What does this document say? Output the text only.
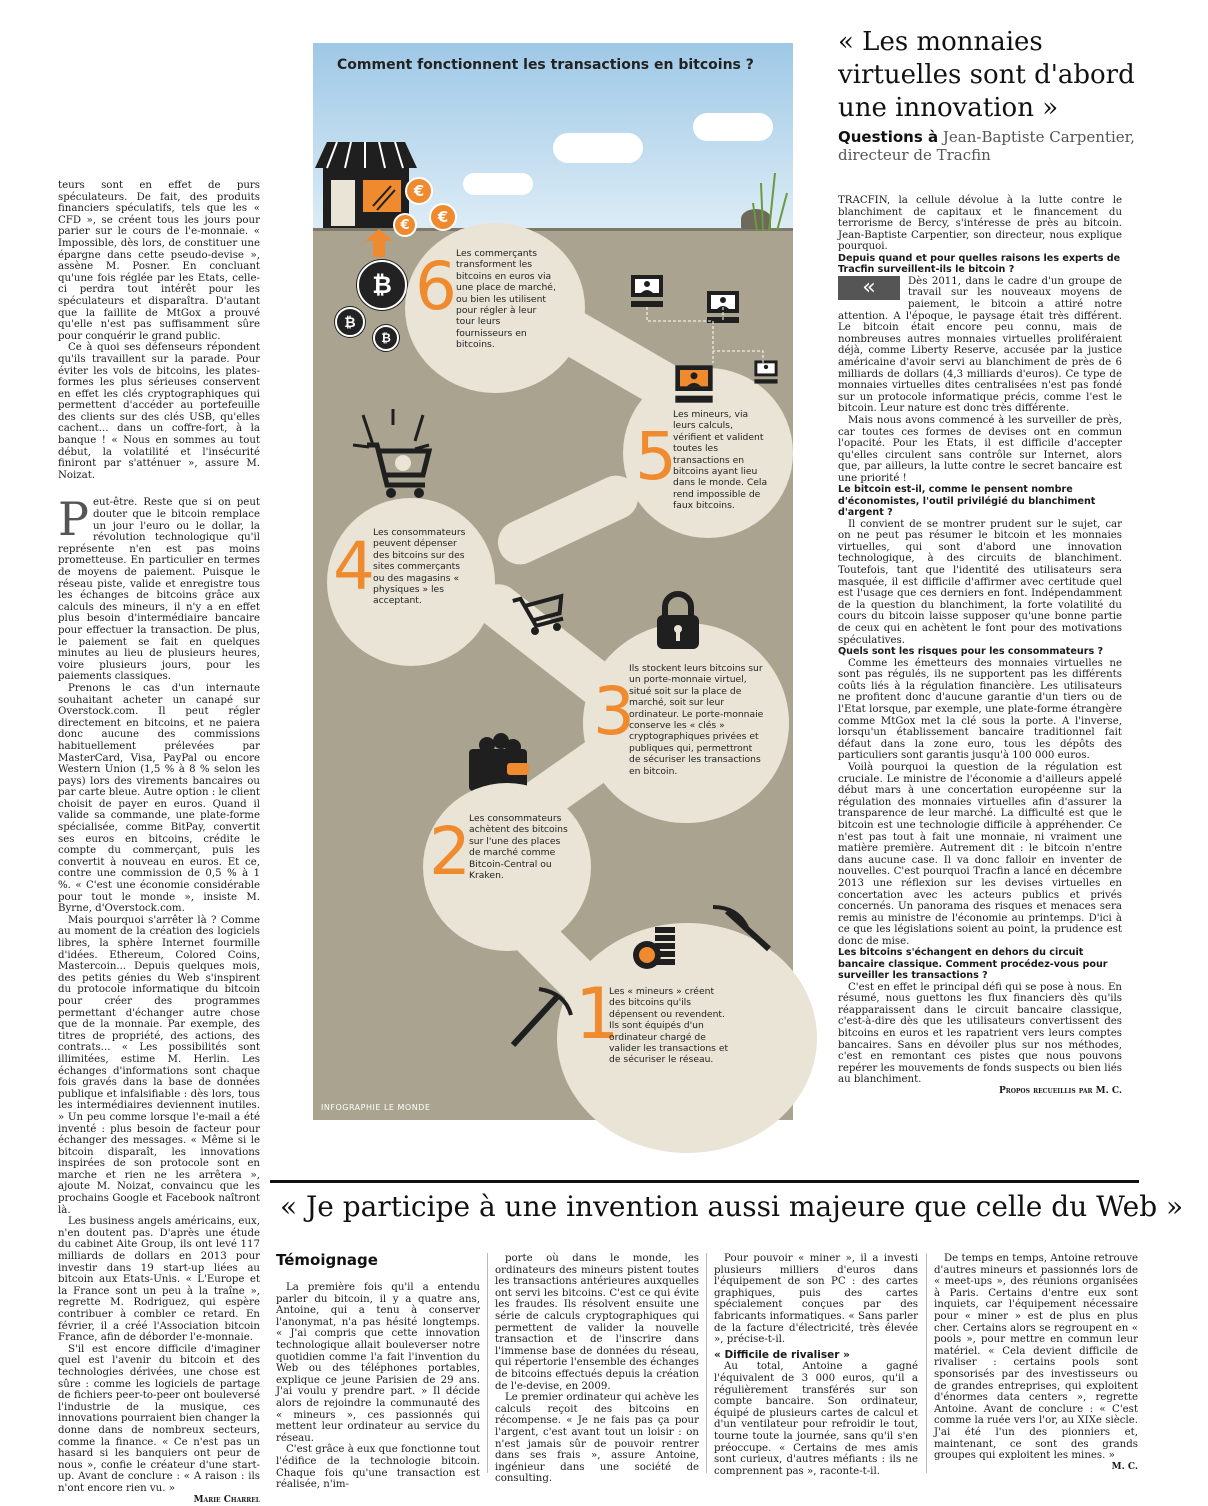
teurs sont en effet de purs spéculateurs. De fait, des produits financiers spéculatifs, tels que les « CFD », se créent tous les jours pour parier sur le cours de l'e-monnaie. « Impossible, dès lors, de constituer une épargne dans cette pseudo-devise », assène M. Posner. En concluant qu'une fois réglée par les Etats, celle-ci perdra tout intérêt pour les spéculateurs et disparaîtra. D'autant que la faillite de MtGox a prouvé qu'elle n'est pas suffisamment sûre pour conquérir le grand public.

Ce à quoi ses défenseurs répondent qu'ils travaillent sur la parade. Pour éviter les vols de bitcoins, les plates-formes les plus sérieuses conservent en effet les clés cryptographiques qui permettent d'accéder au portefeuille des clients sur des clés USB, qu'elles cachent... dans un coffre-fort, à la banque ! « Nous en sommes au tout début, la volatilité et l'insécurité finiront par s'atténuer », assure M. Noizat.

Peut-être. Reste que si on peut douter que le bitcoin remplace un jour l'euro ou le dollar, la révolution technologique qu'il représente n'en est pas moins prometteuse. En particulier en termes de moyens de paiement. Puisque le réseau piste, valide et enregistre tous les échanges de bitcoins grâce aux calculs des mineurs, il n'y a en effet plus besoin d'intermédiaire bancaire pour effectuer la transaction. De plus, le paiement se fait en quelques minutes au lieu de plusieurs heures, voire plusieurs jours, pour les paiements classiques.

Prenons le cas d'un internaute souhaitant acheter un canapé sur Overstock.com. Il peut régler directement en bitcoins, et ne paiera donc aucune des commissions habituellement prélevées par MasterCard, Visa, PayPal ou encore Western Union (1,5 % à 8 % selon les pays) lors des virements bancaires ou par carte bleue. Autre option : le client choisit de payer en euros. Quand il valide sa commande, une plate-forme spécialisée, comme BitPay, convertit ses euros en bitcoins, crédite le compte du commerçant, puis les convertit à nouveau en euros. Et ce, contre une commission de 0,5 % à 1 %. « C'est une économie considérable pour tout le monde », insiste M. Byrne, d'Overstock.com.

Mais pourquoi s'arrêter là ? Comme au moment de la création des logiciels libres, la sphère Internet fourmille d'idées. Ethereum, Colored Coins, Mastercoin... Depuis quelques mois, des petits génies du Web s'inspirent du protocole informatique du bitcoin pour créer des programmes permettant d'échanger autre chose que de la monnaie. Par exemple, des titres de propriété, des actions, des contrats... « Les possibilités sont illimitées, estime M. Herlin. Les échanges d'informations sont chaque fois gravés dans la base de données publique et infalsifiable : dès lors, tous les intermédiaires deviennent inutiles. » Un peu comme lorsque l'e-mail a été inventé : plus besoin de facteur pour échanger des messages. « Même si le bitcoin disparaît, les innovations inspirées de son protocole sont en marche et rien ne les arrêtera », ajoute M. Noizat, convaincu que les prochains Google et Facebook naîtront là.

Les business angels américains, eux, n'en doutent pas. D'après une étude du cabinet Aite Group, ils ont levé 117 milliards de dollars en 2013 pour investir dans 19 start-up liées au bitcoin aux Etats-Unis. « L'Europe et la France sont un peu à la traîne », regrette M. Rodriguez, qui espère contribuer à combler ce retard. En février, il a créé l'Association bitcoin France, afin de déborder l'e-monnaie.

S'il est encore difficile d'imaginer quel est l'avenir du bitcoin et des technologies dérivées, une chose est sûre : comme les logiciels de partage de fichiers peer-to-peer ont bouleversé l'industrie de la musique, ces innovations pourraient bien changer la donne dans de nombreux secteurs, comme la finance. « Ce n'est pas un hasard si les banquiers ont peur de nous », confie le créateur d'une start-up. Avant de conclure : « A raison : ils n'ont encore rien vu. »

Marie Charrel

Comment fonctionnent les transactions en bitcoins ?
€
€
€
₿
₿
₿
6 Les commerçants transforment les bitcoins en euros via une place de marché, ou bien les utilisent pour régler à leur tour leurs fournisseurs en bitcoins.
5
Les mineurs, via leurs calculs, vérifient et valident toutes les transactions en bitcoins ayant lieu dans le monde. Cela rend impossible de faux bitcoins.
4
Les consommateurs peuvent dépenser des bitcoins sur des sites commerçants ou des magasins « physiques » les acceptant.
3
Ils stockent leurs bitcoins sur un porte-monnaie virtuel, situé soit sur la place de marché, soit sur leur ordinateur. Le porte-monnaie conserve les « clés » cryptographiques privées et publiques qui, permettront de sécuriser les transactions en bitcoin.
2
Les consommateurs achètent des bitcoins sur l'une des places de marché comme Bitcoin-Central ou Kraken.
1
Les « mineurs » créent des bitcoins qu'ils dépensent ou revendent. Ils sont équipés d'un ordinateur chargé de valider les transactions et de sécuriser le réseau.
INFOGRAPHIE LE MONDE
« Les monnaies virtuelles sont d'abord une innovation »
Questions à Jean-Baptiste Carpentier, directeur de Tracfin

TRACFIN, la cellule dévolue à la lutte contre le blanchiment de capitaux et le financement du terrorisme de Bercy, s'intéresse de près au bitcoin. Jean-Baptiste Carpentier, son directeur, nous explique pourquoi.

Depuis quand et pour quelles raisons les experts de Tracfin surveillent-ils le bitcoin ?

«	Dès 2011, dans le cadre d'un groupe de travail sur les nouveaux moyens de paiement, le bitcoin a attiré notre attention. A l'époque, le paysage était très différent. Le bitcoin était encore peu connu, mais de nombreuses autres monnaies virtuelles proliféraient déjà, comme Liberty Reserve, accusée par la justice américaine d'avoir servi au blanchiment de près de 6 milliards de dollars (4,3 milliards d'euros). Ce type de monnaies virtuelles dites centralisées n'est pas fondé sur un protocole informatique précis, comme l'est le bitcoin. Leur nature est donc très différente.

Mais nous avons commencé à les surveiller de près, car toutes ces formes de devises ont en commun l'opacité. Pour les Etats, il est difficile d'accepter qu'elles circulent sans contrôle sur Internet, alors que, par ailleurs, la lutte contre le secret bancaire est une priorité !

Le bitcoin est-il, comme le pensent nombre d'économistes, l'outil privilégié du blanchiment d'argent ?

Il convient de se montrer prudent sur le sujet, car on ne peut pas résumer le bitcoin et les monnaies virtuelles, qui sont d'abord une innovation technologique, à des circuits de blanchiment. Toutefois, tant que l'identité des utilisateurs sera masquée, il est difficile d'affirmer avec certitude quel est l'usage que ces derniers en font. Indépendamment de la question du blanchiment, la forte volatilité du cours du bitcoin laisse supposer qu'une bonne partie de ceux qui en achètent le font pour des motivations spéculatives.

Quels sont les risques pour les consommateurs ?

Comme les émetteurs des monnaies virtuelles ne sont pas régulés, ils ne supportent pas les différents coûts liés à la régulation financière. Les utilisateurs ne profitent donc d'aucune garantie d'un tiers ou de l'Etat lorsque, par exemple, une plate-forme étrangère comme MtGox met la clé sous la porte. A l'inverse, lorsqu'un établissement bancaire traditionnel fait défaut dans la zone euro, tous les dépôts des particuliers sont garantis jusqu'à 100 000 euros.

Voilà pourquoi la question de la régulation est cruciale. Le ministre de l'économie a d'ailleurs appelé début mars à une concertation européenne sur la régulation des monnaies virtuelles afin d'assurer la transparence de leur marché. La difficulté est que le bitcoin est une technologie difficile à appréhender. Ce n'est pas tout à fait une monnaie, ni vraiment une matière première. Autrement dit : le bitcoin n'entre dans aucune case. Il va donc falloir en inventer de nouvelles. C'est pourquoi Tracfin a lancé en décembre 2013 une réflexion sur les devises virtuelles en concertation avec les acteurs publics et privés concernés. Un panorama des risques et menaces sera remis au ministre de l'économie au printemps. D'ici à ce que les législations soient au point, la prudence est donc de mise.

Les bitcoins s'échangent en dehors du circuit bancaire classique. Comment procédez-vous pour surveiller les transactions ?

C'est en effet le principal défi qui se pose à nous. En résumé, nous guettons les flux financiers dès qu'ils réapparaissent dans le circuit bancaire classique, c'est-à-dire dès que les utilisateurs convertissent des bitcoins en euros et les rapatrient vers leurs comptes bancaires. Sans en dévoiler plus sur nos méthodes, c'est en remontant ces pistes que nous pouvons repérer les mouvements de fonds suspects ou bien liés au blanchiment.

Propos recueillis par M. C.

« Je participe à une invention aussi majeure que celle du Web »
Témoignage

La première fois qu'il a entendu parler du bitcoin, il y a quatre ans, Antoine, qui a tenu à conserver l'anonymat, n'a pas hésité longtemps. « J'ai compris que cette innovation technologique allait bouleverser notre quotidien comme l'a fait l'invention du Web ou des téléphones portables, explique ce jeune Parisien de 29 ans. J'ai voulu y prendre part. » Il décide alors de rejoindre la communauté des « mineurs », ces passionnés qui mettent leur ordinateur au service du réseau.

C'est grâce à eux que fonctionne tout l'édifice de la technologie bitcoin. Chaque fois qu'une transaction est réalisée, n'im-

porte où dans le monde, les ordinateurs des mineurs pistent toutes les transactions antérieures auxquelles ont servi les bitcoins. C'est ce qui évite les fraudes. Ils résolvent ensuite une série de calculs cryptographiques qui permettent de valider la nouvelle transaction et de l'inscrire dans l'immense base de données du réseau, qui répertorie l'ensemble des échanges de bitcoins effectués depuis la création de l'e-devise, en 2009.

Le premier ordinateur qui achève les calculs reçoit des bitcoins en récompense. « Je ne fais pas ça pour l'argent, c'est avant tout un loisir : on n'est jamais sûr de pouvoir rentrer dans ses frais », assure Antoine, ingénieur dans une société de consulting.

Pour pouvoir « miner », il a investi plusieurs milliers d'euros dans l'équipement de son PC : des cartes graphiques, puis des cartes spécialement conçues par des fabricants informatiques. « Sans parler de la facture d'électricité, très élevée », précise-t-il.

« Difficile de rivaliser »

Au total, Antoine a gagné l'équivalent de 3 000 euros, qu'il a régulièrement transférés sur son compte bancaire. Son ordinateur, équipé de plusieurs cartes de calcul et d'un ventilateur pour refroidir le tout, tourne toute la journée, sans qu'il s'en préoccupe. « Certains de mes amis sont curieux, d'autres méfiants : ils ne comprennent pas », raconte-t-il.

De temps en temps, Antoine retrouve d'autres mineurs et passionnés lors de « meet-ups », des réunions organisées à Paris. Certains d'entre eux sont inquiets, car l'équipement nécessaire pour « miner » est de plus en plus cher. Certains alors se regroupent en « pools », pour mettre en commun leur matériel. « Cela devient difficile de rivaliser : certains pools sont sponsorisés par des investisseurs ou de grandes entreprises, qui exploitent d'énormes data centers », regrette Antoine. Avant de conclure : « C'est comme la ruée vers l'or, au XIXe siècle. J'ai été l'un des pionniers et, maintenant, ce sont des grands groupes qui exploitent les mines. »

M. C.
